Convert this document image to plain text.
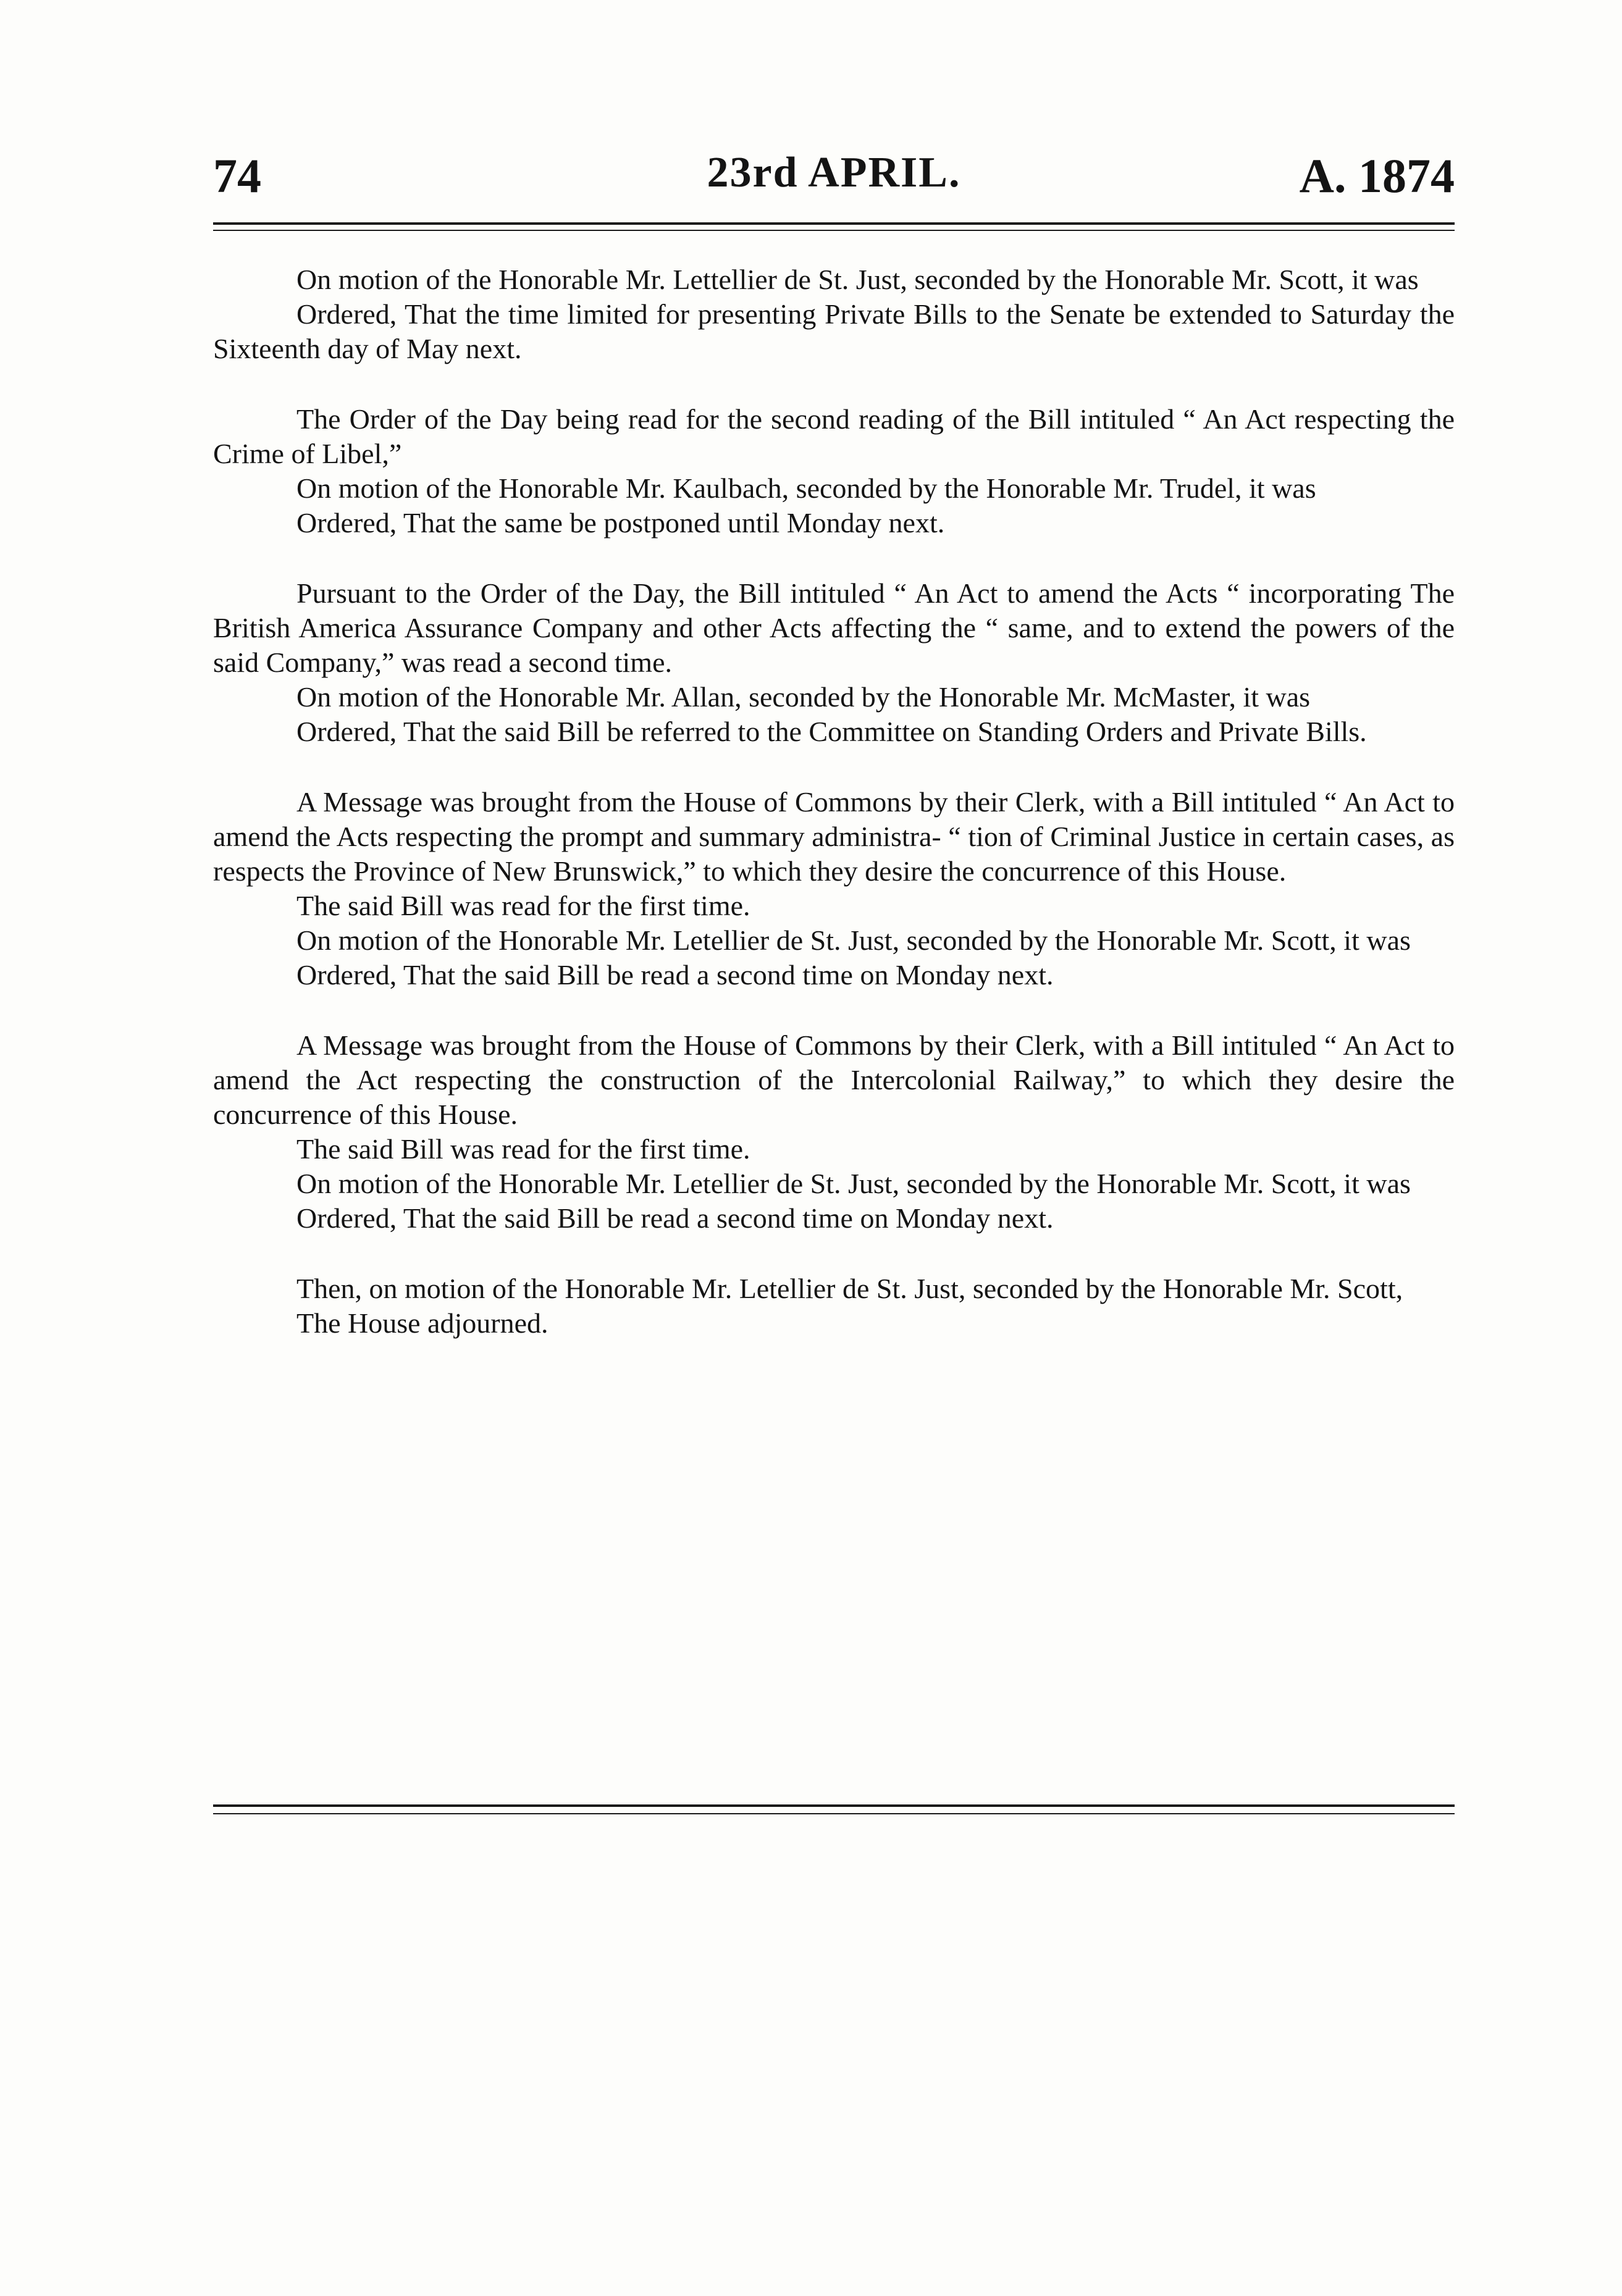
23rd APRIL.
74	A. 1874

On motion of the Honorable Mr. Lettellier de St. Just, seconded by the Honorable Mr. Scott, it was

Ordered, That the time limited for presenting Private Bills to the Senate be extended to Saturday the Sixteenth day of May next.

The Order of the Day being read for the second reading of the Bill intituled “ An Act respecting the Crime of Libel,”

On motion of the Honorable Mr. Kaulbach, seconded by the Honorable Mr. Trudel, it was

Ordered, That the same be postponed until Monday next.

Pursuant to the Order of the Day, the Bill intituled “ An Act to amend the Acts “ incorporating The British America Assurance Company and other Acts affecting the “ same, and to extend the powers of the said Company,” was read a second time.

On motion of the Honorable Mr. Allan, seconded by the Honorable Mr. McMaster, it was

Ordered, That the said Bill be referred to the Committee on Standing Orders and Private Bills.

A Message was brought from the House of Commons by their Clerk, with a Bill intituled “ An Act to amend the Acts respecting the prompt and summary administra- “ tion of Criminal Justice in certain cases, as respects the Province of New Brunswick,” to which they desire the concurrence of this House.

The said Bill was read for the first time.

On motion of the Honorable Mr. Letellier de St. Just, seconded by the Honorable Mr. Scott, it was

Ordered, That the said Bill be read a second time on Monday next.

A Message was brought from the House of Commons by their Clerk, with a Bill intituled “ An Act to amend the Act respecting the construction of the Intercolonial Railway,” to which they desire the concurrence of this House.

The said Bill was read for the first time.

On motion of the Honorable Mr. Letellier de St. Just, seconded by the Honorable Mr. Scott, it was

Ordered, That the said Bill be read a second time on Monday next.

Then, on motion of the Honorable Mr. Letellier de St. Just, seconded by the Honorable Mr. Scott,

The House adjourned.
